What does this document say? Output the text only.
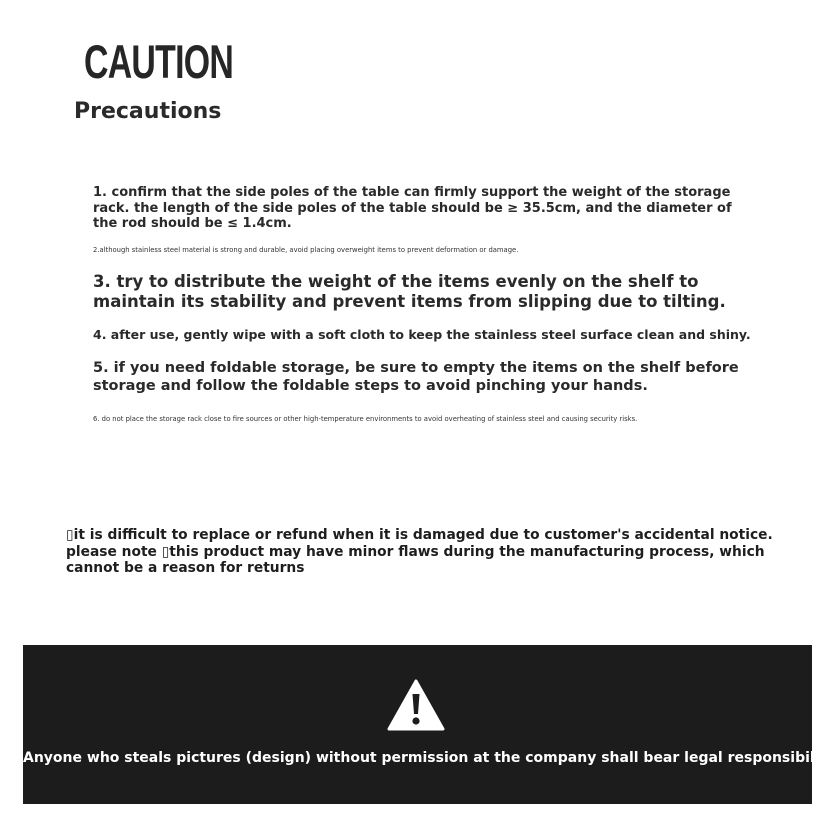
CAUTION
Precautions

1. confirm that the side poles of the table can firmly support the weight of the storage rack. the length of the side poles of the table should be ≥ 35.5cm, and the diameter of the rod should be ≤ 1.4cm.

2.although stainless steel material is strong and durable, avoid placing overweight items to prevent deformation or damage.

3. try to distribute the weight of the items evenly on the shelf to maintain its stability and prevent items from slipping due to tilting.

4. after use, gently wipe with a soft cloth to keep the stainless steel surface clean and shiny.

5. if you need foldable storage, be sure to empty the items on the shelf before storage and follow the foldable steps to avoid pinching your hands.

6. do not place the storage rack close to fire sources or other high-temperature environments to avoid overheating of stainless steel and causing security risks.

▯it is difficult to replace or refund when it is damaged due to customer's accidental notice. please note ▯this product may have minor flaws during the manufacturing process, which cannot be a reason for returns

Anyone who steals pictures (design) without permission at the company shall bear legal responsibility
